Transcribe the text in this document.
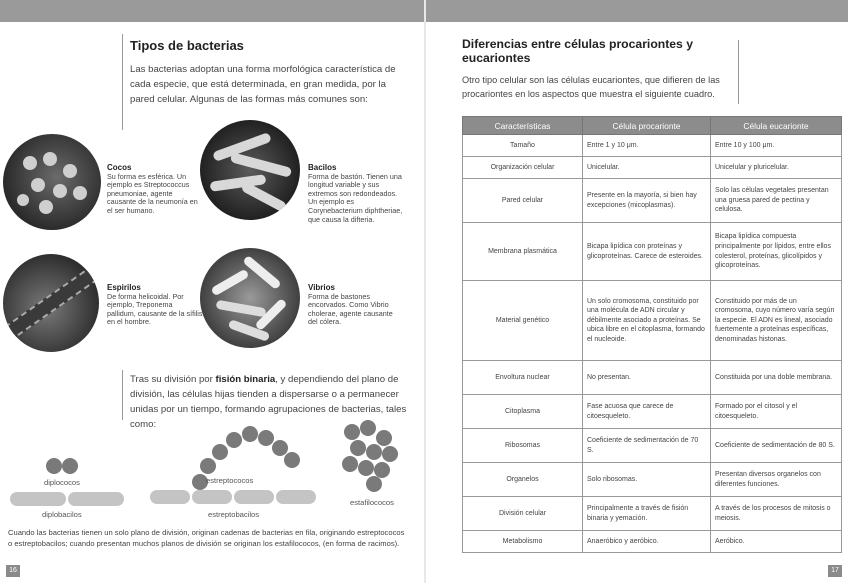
Tipos de bacterias

Las bacterias adoptan una forma morfológica característica de cada especie, que está determinada, en gran medida, por la pared celular. Algunas de las formas más comunes son:

Cocos
Su forma es esférica. Un ejemplo es Streptococcus pneumoniae, agente causante de la neumonía en el ser humano.
Bacilos
Forma de bastón. Tienen una longitud variable y sus extremos son redondeados. Un ejemplo es Corynebacterium diphtheriae, que causa la difteria.
Espirilos
De forma helicoidal. Por ejemplo, Treponema pallidum, causante de la sífilis en el hombre.
Vibrios
Forma de bastones encorvados. Como Vibrio cholerae, agente causante del cólera.

Tras su división por fisión binaria, y dependiendo del plano de división, las células hijas tienden a dispersarse o a permanecer unidas por un tiempo, formando agrupaciones de bacterias, tales como:

diplococos	estreptococos
estafilococos
diplobacilos	estreptobacilos

Cuando las bacterias tienen un solo plano de división, originan cadenas de bacterias en fila, originando estreptococos o estreptobacilos; cuando presentan muchos planos de división se originan los estafilococos, (en forma de racimos).

16
Diferencias entre células procariontes y eucariontes

Otro tipo celular son las células eucariontes, que difieren de las procariontes en los aspectos que muestra el siguiente cuadro.

Características	Célula procarionte	Célula eucarionte
Tamaño	Entre 1 y 10 μm.	Entre 10 y 100 μm.
Organización celular	Unicelular.	Unicelular y pluricelular.
Pared celular	Presente en la mayoría, si bien hay excepciones (micoplasmas).	Solo las células vegetales presentan una gruesa pared de pectina y celulosa.
Membrana plasmática	Bicapa lipídica con proteínas y glicoproteínas. Carece de esteroides.	Bicapa lipídica compuesta principalmente por lípidos, entre ellos colesterol, proteínas, glicolípidos y glicoproteínas.
Material genético	Un solo cromosoma, constituido por una molécula de ADN circular y débilmente asociado a proteínas. Se ubica libre en el citoplasma, formando el nucleoide.	Constituido por más de un cromosoma, cuyo número varía según la especie. El ADN es lineal, asociado fuertemente a proteínas específicas, denominadas histonas.
Envoltura nuclear	No presentan.	Constituida por una doble membrana.
Citoplasma	Fase acuosa que carece de citoesqueleto.	Formado por el citosol y el citoesqueleto.
Ribosomas	Coeficiente de sedimentación de 70 S.	Coeficiente de sedimentación de 80 S.
Organelos	Solo ribosomas.	Presentan diversos organelos con diferentes funciones.
División celular	Principalmente a través de fisión binaria y yemación.	A través de los procesos de mitosis o meiosis.
Metabolismo	Anaeróbico y aeróbico.	Aeróbico.
17
